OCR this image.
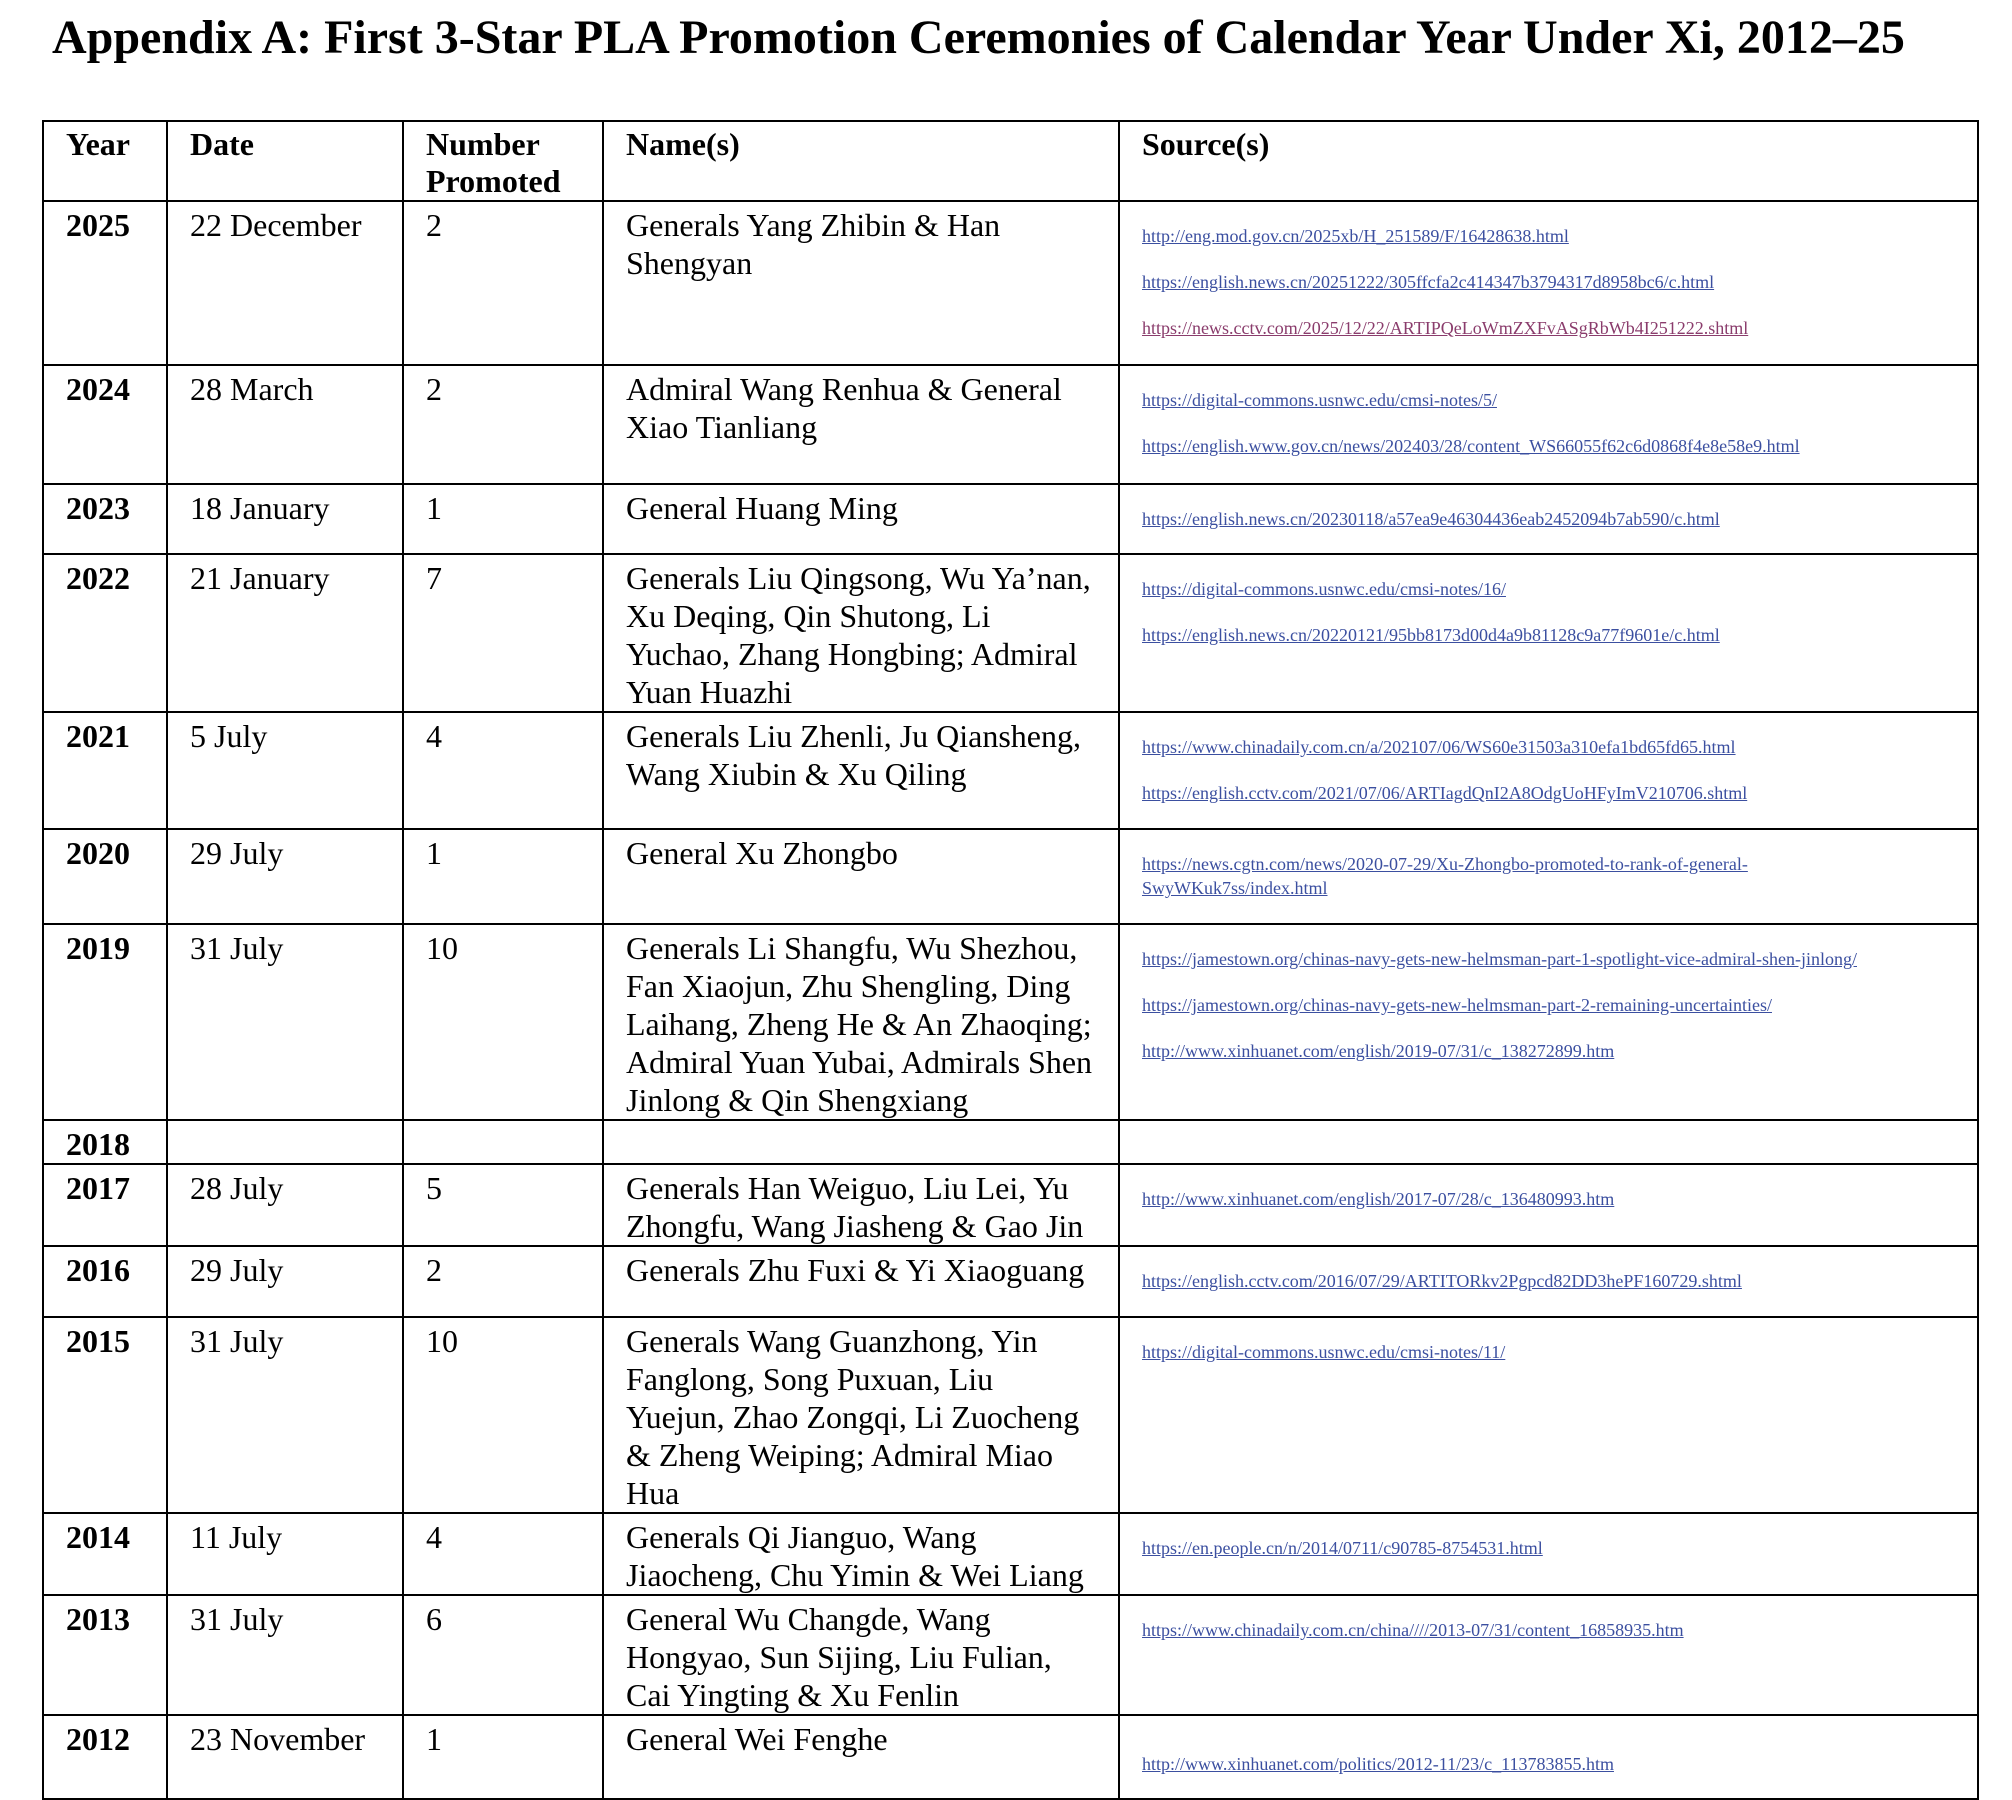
Appendix A: First 3-Star PLA Promotion Ceremonies of Calendar Year Under Xi, 2012–25
Year	Date	Number Promoted	Name(s)	Source(s)
2025	22 December	2	Generals Yang Zhibin & Han Shengyan	http://eng.mod.gov.cn/2025xb/H_251589/F/16428638.html
https://english.news.cn/20251222/305ffcfa2c414347b3794317d8958bc6/c.html
https://news.cctv.com/2025/12/22/ARTIPQeLoWmZXFvASgRbWb4I251222.shtml

2024	28 March	2	Admiral Wang Renhua & General Xiao Tianliang	https://digital-commons.usnwc.edu/cmsi-notes/5/
https://english.www.gov.cn/news/202403/28/content_WS66055f62c6d0868f4e8e58e9.html

2023	18 January	1	General Huang Ming	https://english.news.cn/20230118/a57ea9e46304436eab2452094b7ab590/c.html

2022	21 January	7	Generals Liu Qingsong, Wu Ya’nan, Xu Deqing, Qin Shutong, Li Yuchao, Zhang Hongbing; Admiral Yuan Huazhi	https://digital-commons.usnwc.edu/cmsi-notes/16/
https://english.news.cn/20220121/95bb8173d00d4a9b81128c9a77f9601e/c.html

2021	5 July	4	Generals Liu Zhenli, Ju Qiansheng, Wang Xiubin & Xu Qiling	https://www.chinadaily.com.cn/a/202107/06/WS60e31503a310efa1bd65fd65.html
https://english.cctv.com/2021/07/06/ARTIagdQnI2A8OdgUoHFyImV210706.shtml

2020	29 July	1	General Xu Zhongbo	https://news.cgtn.com/news/2020-07-29/Xu-Zhongbo-promoted-to-rank-of-general-SwyWKuk7ss/index.html

2019	31 July	10	Generals Li Shangfu, Wu Shezhou, Fan Xiaojun, Zhu Shengling, Ding Laihang, Zheng He & An Zhaoqing; Admiral Yuan Yubai, Admirals Shen Jinlong & Qin Shengxiang	https://jamestown.org/chinas-navy-gets-new-helmsman-part-1-spotlight-vice-admiral-shen-jinlong/
https://jamestown.org/chinas-navy-gets-new-helmsman-part-2-remaining-uncertainties/
http://www.xinhuanet.com/english/2019-07/31/c_138272899.htm

2018				
2017	28 July	5	Generals Han Weiguo, Liu Lei, Yu Zhongfu, Wang Jiasheng & Gao Jin	http://www.xinhuanet.com/english/2017-07/28/c_136480993.htm

2016	29 July	2	Generals Zhu Fuxi & Yi Xiaoguang	https://english.cctv.com/2016/07/29/ARTITORkv2Pgpcd82DD3hePF160729.shtml

2015	31 July	10	Generals Wang Guanzhong, Yin Fanglong, Song Puxuan, Liu Yuejun, Zhao Zongqi, Li Zuocheng & Zheng Weiping; Admiral Miao Hua	https://digital-commons.usnwc.edu/cmsi-notes/11/

2014	11 July	4	Generals Qi Jianguo, Wang Jiaocheng, Chu Yimin & Wei Liang	https://en.people.cn/n/2014/0711/c90785-8754531.html

2013	31 July	6	General Wu Changde, Wang Hongyao, Sun Sijing, Liu Fulian, Cai Yingting & Xu Fenlin	https://www.chinadaily.com.cn/china////2013-07/31/content_16858935.htm

2012	23 November	1	General Wei Fenghe	http://www.xinhuanet.com/politics/2012-11/23/c_113783855.htm
